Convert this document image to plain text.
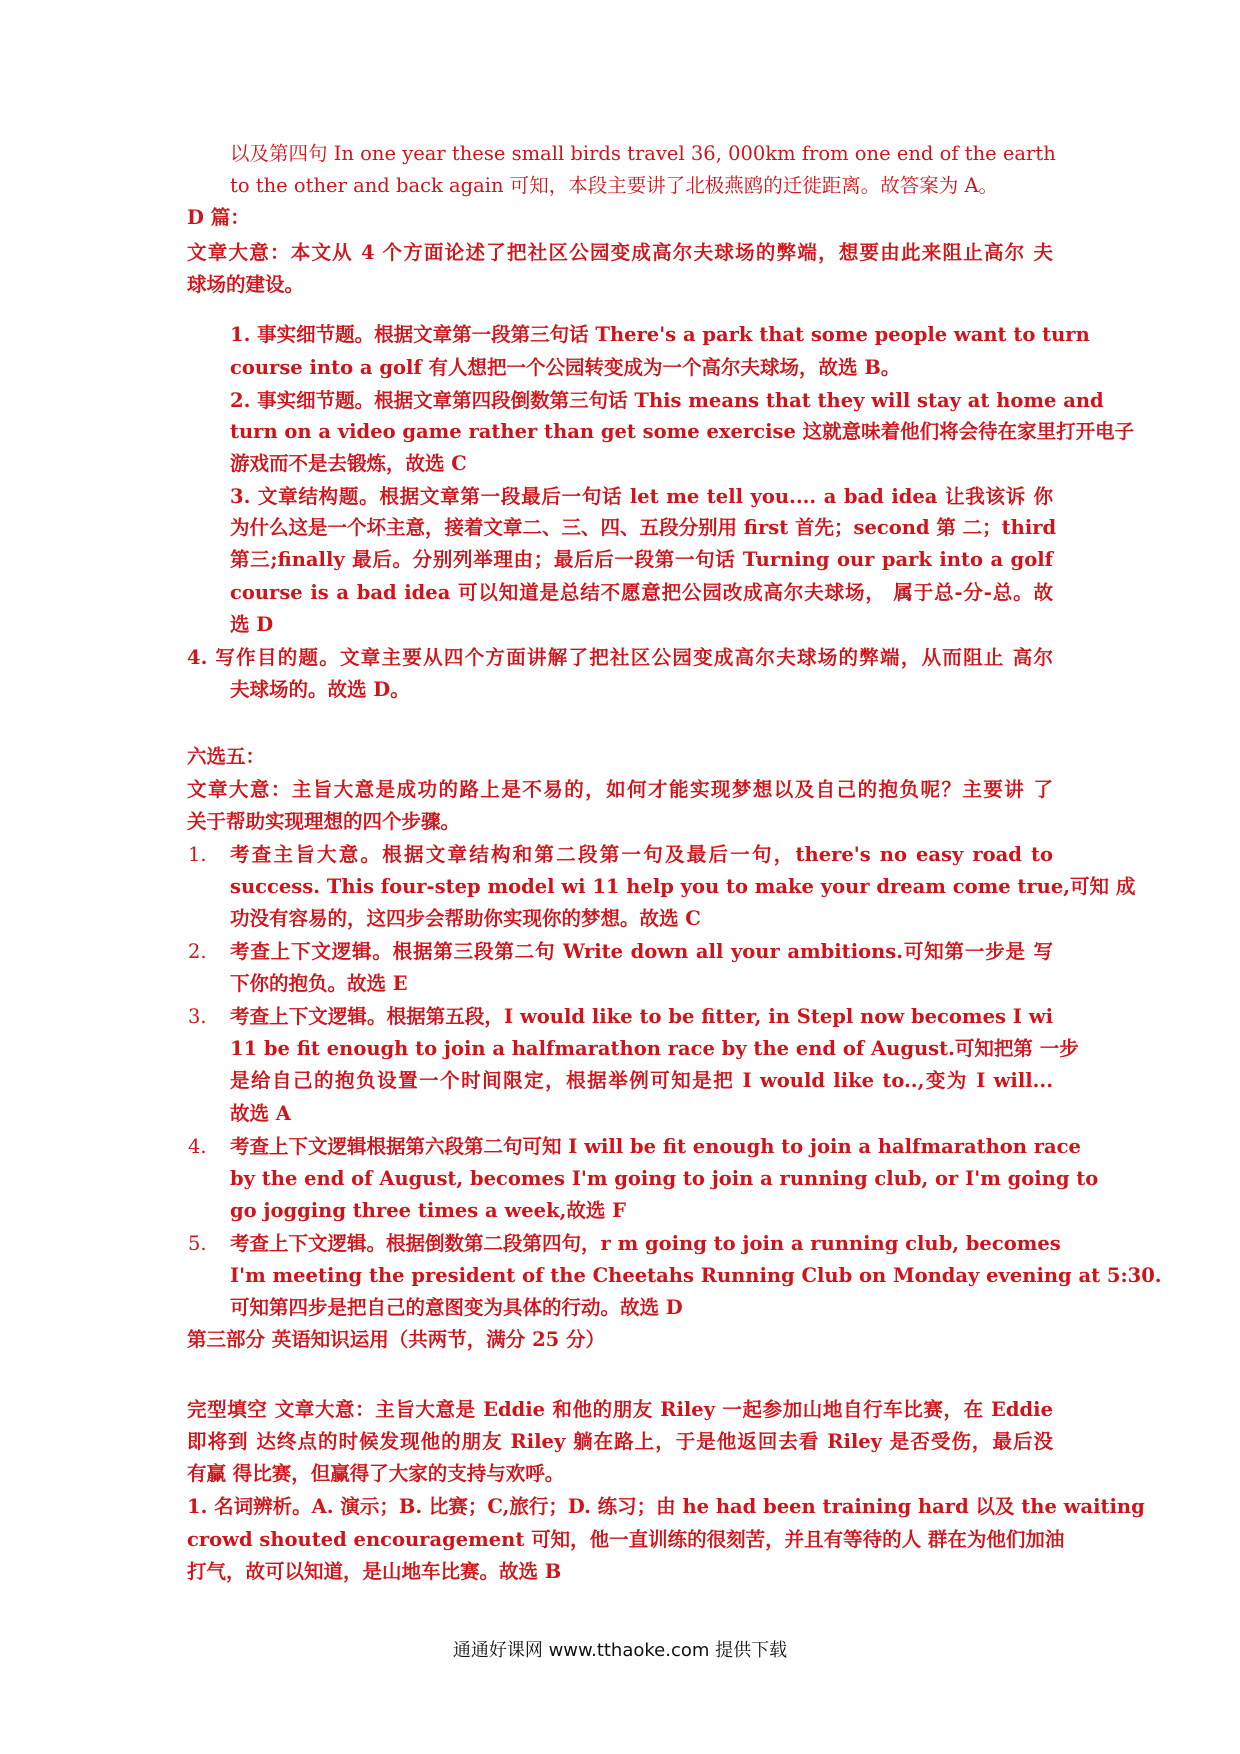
以及第四句 In one year these small birds travel 36, 000km from one end of the earth
to the other and back again 可知，本段主要讲了北极燕鸥的迁徙距离。故答案为 A。
D 篇：
文章大意：本文从 4 个方面论述了把社区公园变成高尔夫球场的弊端，想要由此来阻止高尔 夫
球场的建设。
1. 事实细节题。根据文章第一段第三句话 There's a park that some people want to turn
course into a golf 有人想把一个公园转变成为一个高尔夫球场，故选 B。
2. 事实细节题。根据文章第四段倒数第三句话 This means that they will stay at home and
turn on a video game rather than get some exercise 这就意味着他们将会待在家里打开电子
游戏而不是去锻炼，故选 C
3. 文章结构题。根据文章第一段最后一句话 let me tell you.... a bad idea 让我该诉 你
为什么这是一个坏主意，接着文章二、三、四、五段分别用 first 首先；second 第 二；third
第三;finally 最后。分别列举理由；最后后一段第一句话 Turning our park into a golf
course is a bad idea 可以知道是总结不愿意把公园改成高尔夫球场， 属于总-分-总。故
选 D
4. 写作目的题。文章主要从四个方面讲解了把社区公园变成高尔夫球场的弊端，从而阻止 高尔
夫球场的。故选 D。
六选五：
文章大意：主旨大意是成功的路上是不易的，如何才能实现梦想以及自己的抱负呢？主要讲 了
关于帮助实现理想的四个步骤。
1. 考查主旨大意。根据文章结构和第二段第一句及最后一句，there's no easy road to
success. This four-step model wi 11 help you to make your dream come true,可知 成
功没有容易的，这四步会帮助你实现你的梦想。故选 C
2. 考查上下文逻辑。根据第三段第二句 Write down all your ambitions.可知第一步是 写
下你的抱负。故选 E
3. 考查上下文逻辑。根据第五段，I would like to be fitter, in Stepl now becomes I wi
11 be fit enough to join a halfmarathon race by the end of August.可知把第 一步
是给自己的抱负设置一个时间限定，根据举例可知是把 I would like to..,变为 I will...
故选 A
4. 考查上下文逻辑根据第六段第二句可知 I will be fit enough to join a halfmarathon race
by the end of August, becomes I'm going to join a running club, or I'm going to
go jogging three times a week,故选 F
5. 考查上下文逻辑。根据倒数第二段第四句，r m going to join a running club, becomes
I'm meeting the president of the Cheetahs Running Club on Monday evening at 5:30.
可知第四步是把自己的意图变为具体的行动。故选 D
第三部分 英语知识运用（共两节，满分 25 分）
完型填空 文章大意：主旨大意是 Eddie 和他的朋友 Riley 一起参加山地自行车比赛，在 Eddie
即将到 达终点的时候发现他的朋友 Riley 躺在路上，于是他返回去看 Riley 是否受伤，最后没
有赢 得比赛，但赢得了大家的支持与欢呼。
1. 名词辨析。A. 演示；B. 比赛；C,旅行；D. 练习；由 he had been training hard 以及 the waiting
crowd shouted encouragement 可知，他一直训练的很刻苦，并且有等待的人 群在为他们加油
打气，故可以知道，是山地车比赛。故选 B
通通好课网 www.tthaoke.com 提供下载
